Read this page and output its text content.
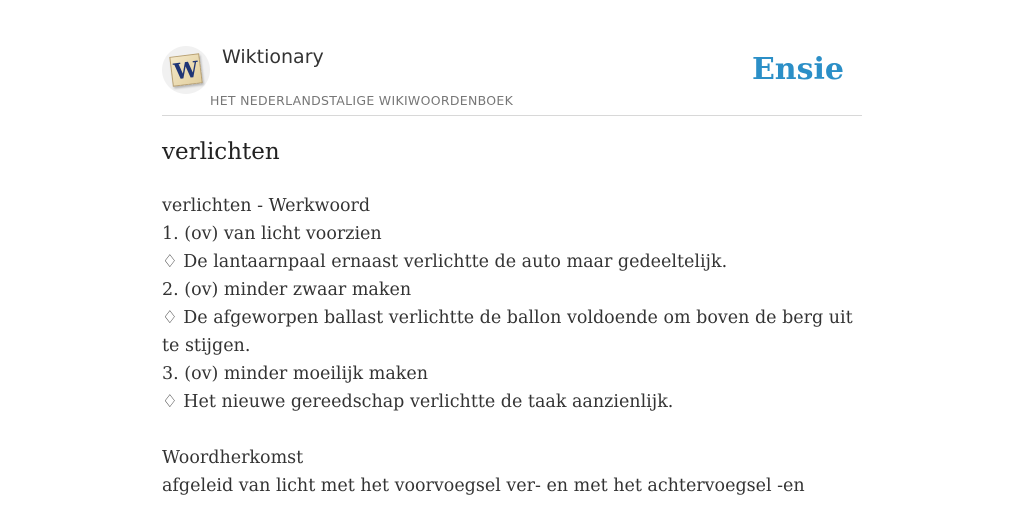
W Wiktionary
HET NEDERLANDSTALIGE WIKIWOORDENBOEK
Ensie
verlichten
verlichten - Werkwoord
1. (ov) van licht voorzien
♢ De lantaarnpaal ernaast verlichtte de auto maar gedeeltelijk.
2. (ov) minder zwaar maken
♢ De afgeworpen ballast verlichtte de ballon voldoende om boven de berg uit te stijgen.
3. (ov) minder moeilijk maken
♢ Het nieuwe gereedschap verlichtte de taak aanzienlijk.
Woordherkomst
afgeleid van licht met het voorvoegsel ver- en met het achtervoegsel -en
